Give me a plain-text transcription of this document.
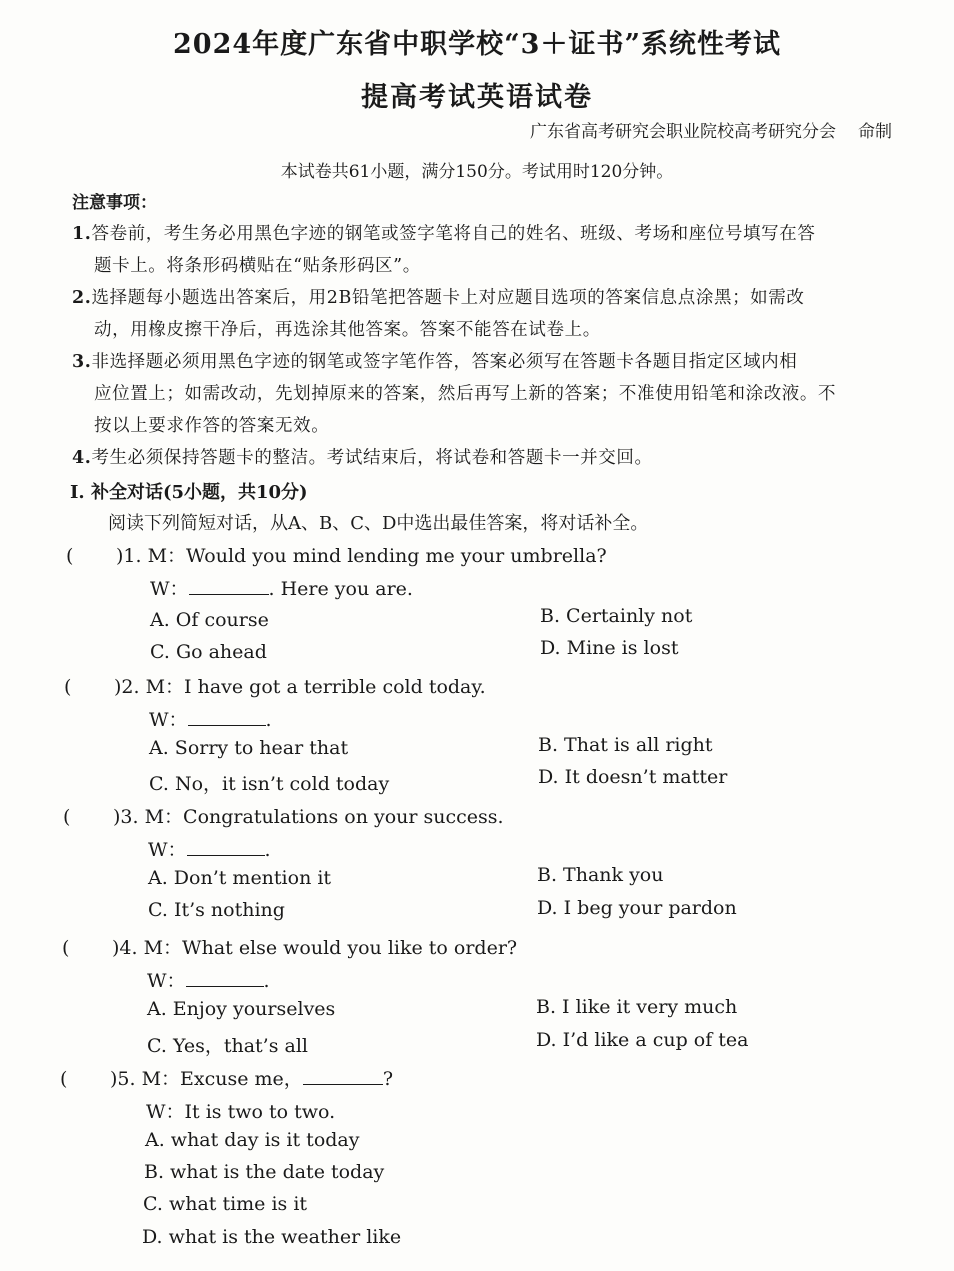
2024年度广东省中职学校“3＋证书”系统性考试
提高考试英语试卷
广东省高考研究会职业院校高考研究分会 命制
本试卷共61小题，满分150分。考试用时120分钟。
注意事项：
1.答卷前，考生务必用黑色字迹的钢笔或签字笔将自己的姓名、班级、考场和座位号填写在答
题卡上。将条形码横贴在“贴条形码区”。
2.选择题每小题选出答案后，用2B铅笔把答题卡上对应题目选项的答案信息点涂黑；如需改
动，用橡皮擦干净后，再选涂其他答案。答案不能答在试卷上。
3.非选择题必须用黑色字迹的钢笔或签字笔作答，答案必须写在答题卡各题目指定区域内相
应位置上；如需改动，先划掉原来的答案，然后再写上新的答案；不准使用铅笔和涂改液。不
按以上要求作答的答案无效。
4.考生必须保持答题卡的整洁。考试结束后，将试卷和答题卡一并交回。
Ⅰ. 补全对话(5小题，共10分)
阅读下列简短对话，从A、B、C、D中选出最佳答案，将对话补全。
( )1. M：Would you mind lending me your umbrella?
W：	. Here you are.
A. Of course	B. Certainly not
C. Go ahead	D. Mine is lost
( )2. M：I have got a terrible cold today.
W：	.
A. Sorry to hear that	B. That is all right
C. No，it isn’t cold today	D. It doesn’t matter
( )3. M：Congratulations on your success.
W：	.
A. Don’t mention it	B. Thank you
C. It’s nothing	D. I beg your pardon
( )4. M：What else would you like to order?
W：	.
A. Enjoy yourselves	B. I like it very much
C. Yes，that’s all	D. I’d like a cup of tea
( )5. M：Excuse me，	?
W：It is two to two.
A. what day is it today
B. what is the date today
C. what time is it
D. what is the weather like
